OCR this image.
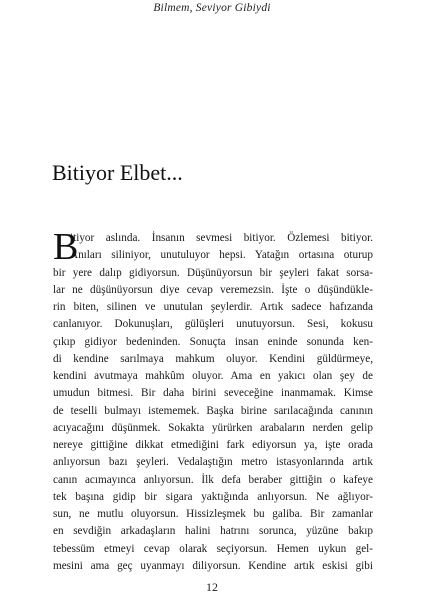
Bilmem, Seviyor Gibiydi
Bitiyor Elbet...
B
itiyor aslında. İnsanın sevmesi bitiyor. Özlemesi bitiyor.
Anıları siliniyor, unutuluyor hepsi. Yatağın ortasına oturup
bir yere dalıp gidiyorsun. Düşünüyorsun bir şeyleri fakat sorsa-
lar ne düşünüyorsun diye cevap veremezsin. İşte o düşündükle-
rin biten, silinen ve unutulan şeylerdir. Artık sadece hafızanda
canlanıyor. Dokunuşları, gülüşleri unutuyorsun. Sesi, kokusu
çıkıp gidiyor bedeninden. Sonuçta insan eninde sonunda ken-
di kendine sarılmaya mahkum oluyor. Kendini güldürmeye,
kendini avutmaya mahkûm oluyor. Ama en yakıcı olan şey de
umudun bitmesi. Bir daha birini seveceğine inanmamak. Kimse
de teselli bulmayı istememek. Başka birine sarılacağında canının
acıyacağını düşünmek. Sokakta yürürken arabaların nerden gelip
nereye gittiğine dikkat etmediğini fark ediyorsun ya, işte orada
anlıyorsun bazı şeyleri. Vedalaştığın metro istasyonlarında artık
canın acımayınca anlıyorsun. İlk defa beraber gittiğin o kafeye
tek başına gidip bir sigara yaktığında anlıyorsun. Ne ağlıyor-
sun, ne mutlu oluyorsun. Hissizleşmek bu galiba. Bir zamanlar
en sevdiğin arkadaşların halini hatrını sorunca, yüzüne bakıp
tebessüm etmeyi cevap olarak seçiyorsun. Hemen uykun gel-
mesini ama geç uyanmayı diliyorsun. Kendine artık eskisi gibi
12
